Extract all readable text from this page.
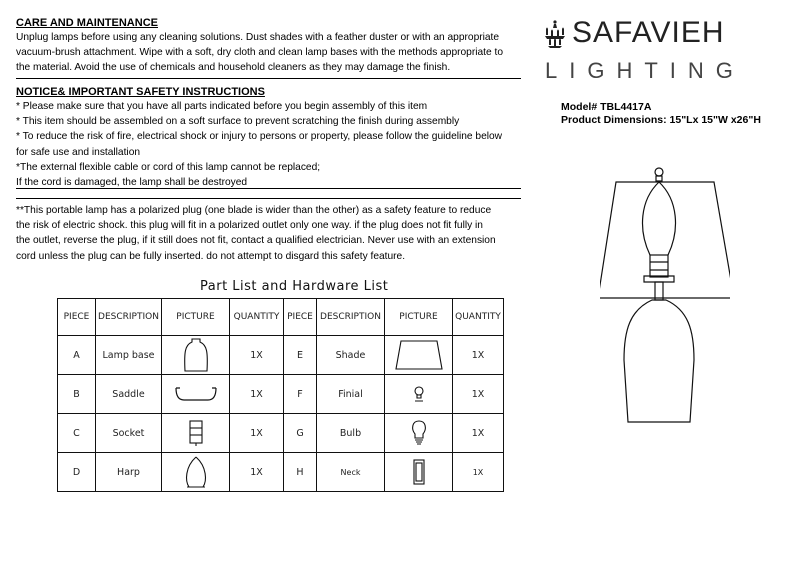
CARE AND MAINTENANCE
Unplug lamps before using any cleaning solutions. Dust shades with a feather duster or with an appropriate
vacuum-brush attachment. Wipe with a soft, dry cloth and clean lamp bases with the methods appropriate to
the material. Avoid the use of chemicals and household cleaners as they may damage the finish.
NOTICE& IMPORTANT SAFETY INSTRUCTIONS
* Please make sure that you have all parts indicated before you begin assembly of this item
* This item should be assembled on a soft surface to prevent scratching the finish during assembly
* To reduce the risk of fire, electrical shock or injury to persons or property, please follow the guideline below
for safe use and installation
*The external flexible cable or cord of this lamp cannot be replaced;
If the cord is damaged, the lamp shall be destroyed
**This portable lamp has a polarized plug (one blade is wider than the other) as a safety feature to reduce
the risk of electric shock. this plug will fit in a polarized outlet only one way. if the plug does not fit fully in
the outlet, reverse the plug, if it still does not fit, contact a qualified electrician. Never use with an extension
cord unless the plug can be fully inserted. do not attempt to disgard this safety feature.
SAFAVIEH
LIGHTING
Model# TBL4417A
Product Dimensions: 15"Lx 15"W x26"H
Part List and Hardware List
PIECE	DESCRIPTION	PICTURE	QUANTITY	PIECE	DESCRIPTION	PICTURE	QUANTITY
A	Lamp base		1X	E	Shade		1X
B	Saddle		1X	F	Finial		1X
C	Socket		1X	G	Bulb		1X
D	Harp		1X	H	Neck		1X
